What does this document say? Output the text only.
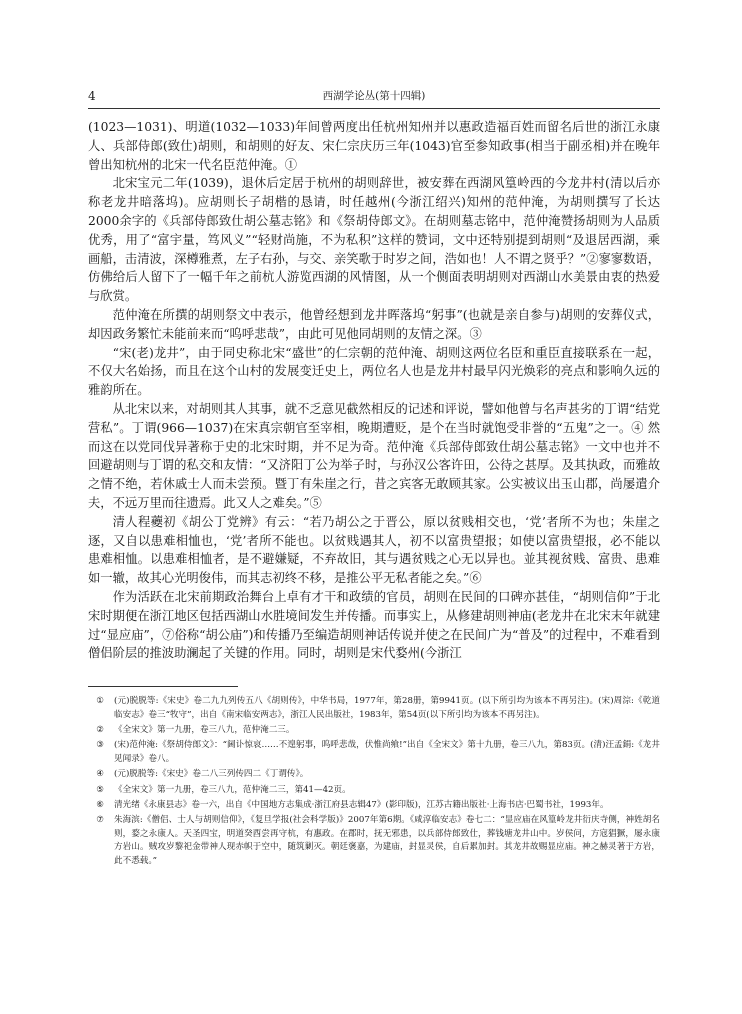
4	西湖学论丛(第十四辑)

(1023—1031)、明道(1032—1033)年间曾两度出任杭州知州并以惠政造福百姓而留名后世的浙江永康人、兵部侍郎(致仕)胡则，和胡则的好友、宋仁宗庆历三年(1043)官至参知政事(相当于副丞相)并在晚年曾出知杭州的北宋一代名臣范仲淹。①

北宋宝元二年(1039)，退休后定居于杭州的胡则辞世，被安葬在西湖风篁岭西的今龙井村(清以后亦称老龙井暗落坞)。应胡则长子胡楷的恳请，时任越州(今浙江绍兴)知州的范仲淹，为胡则撰写了长达2000余字的《兵部侍郎致仕胡公墓志铭》和《祭胡侍郎文》。在胡则墓志铭中，范仲淹赞扬胡则为人品质优秀，用了“富宇量，笃风义”“轻财尚施，不为私积”这样的赞词，文中还特别提到胡则“及退居西湖，乘画船，击清波，深樽雅煮，左子右孙，与交、亲笑歌于时岁之间，浩如也！人不谓之贤乎？”②寥寥数语，仿佛给后人留下了一幅千年之前杭人游览西湖的风情图，从一个侧面表明胡则对西湖山水美景由衷的热爱与欣赏。

范仲淹在所撰的胡则祭文中表示，他曾经想到龙井晖落坞“躬事”(也就是亲自参与)胡则的安葬仪式，却因政务繁忙未能前来而“呜呼悲哉”，由此可见他同胡则的友情之深。③

“宋(老)龙井”，由于同史称北宋“盛世”的仁宗朝的范仲淹、胡则这两位名臣和重臣直接联系在一起，不仅大名始扬，而且在这个山村的发展变迁史上，两位名人也是龙井村最早闪光焕彩的亮点和影响久远的雅韵所在。

从北宋以来，对胡则其人其事，就不乏意见截然相反的记述和评说，譬如他曾与名声甚劣的丁谓“结党营私”。丁谓(966—1037)在宋真宗朝官至宰相，晚期遭贬，是个在当时就饱受非誉的“五鬼”之一。④ 然而这在以党同伐异著称于史的北宋时期，并不足为奇。范仲淹《兵部侍郎致仕胡公墓志铭》一文中也并不回避胡则与丁谓的私交和友情：“又济阳丁公为举子时，与孙汉公客许田，公待之甚厚。及其执政，而雅故之情不绝，若休戚士人而未尝预。暨丁有朱崖之行，昔之宾客无敢顾其家。公实被议出玉山郡，尚屡遣介夫，不远万里而往遗焉。此又人之难矣。”⑤

清人程虁初《胡公丁党辨》有云：“若乃胡公之于晋公，原以贫贱相交也，‘党’者所不为也；朱崖之逐，又自以患难相恤也，‘党’者所不能也。以贫贱遇其人，初不以富贵望报；如使以富贵望报，必不能以患难相恤。以患难相恤者，是不避嫌疑，不弃故旧，其与遇贫贱之心无以异也。並其视贫贱、富贵、患难如一辙，故其心光明俊伟，而其志初终不移，是推公平无私者能之矣。”⑥

作为活跃在北宋前期政治舞台上卓有才干和政绩的官员，胡则在民间的口碑亦甚佳，“胡则信仰”于北宋时期便在浙江地区包括西湖山水胜境间发生并传播。而事实上，从修建胡则神庙(老龙井在北宋末年就建过“显应庙”，⑦俗称“胡公庙”)和传播乃至编造胡则神话传说并使之在民间广为“普及”的过程中，不难看到僧侣阶层的推波助澜起了关键的作用。同时，胡则是宋代婺州(今浙江

①	(元)脱脱等:《宋史》卷二九九列传五八《胡则传》，中华书局，1977年，第28册，第9941页。(以下所引均为该本不再另注)。(宋)周淙:《乾道临安志》卷三“牧守”，出自《南宋临安两志》，浙江人民出版社，1983年，第54页(以下所引均为该本不再另注)。
②	《全宋文》第一九册，卷三八九，范仲淹二三。
③	(宋)范仲淹:《祭胡侍郎文》：“阃讣惊哀……不遑躬事，呜呼悲哉，伏惟尚飨!”出自《全宋文》第十九册，卷三八九，第83页。(清)汪孟鋗:《龙井见闻录》卷八。
④	(元)脱脱等:《宋史》卷二八三列传四二《丁谓传》。
⑤	《全宋文》第一九册，卷三八九，范仲淹二三，第41—42页。
⑥	清光绪《永康县志》卷一六，出自《中国地方志集成·浙江府县志辑47》(影印版)，江苏古籍出版社·上海书店·巴蜀书社，1993年。
⑦	朱海滨:《僧侣、士人与胡则信仰》，《复旦学报(社会科学版)》2007年第6期。《咸淳临安志》卷七二：“显应庙在风篁岭龙井衍庆寺侧，神姓胡名则，婺之永康人。天圣四宝，明道癸酉尝再守杭，有惠政。在郡时，抚无邪患，以兵部侍郎致仕，葬钱塘龙井山中。岁侯问，方寇猖獗，屡永康方岩山。贼攻岁黎祀金带神人现赤帜于空中，随筑剿灭。朝廷褒嘉，为建庙，封显灵侯，自后累加封。其龙井故赐显应庙。神之赫灵著于方岩，此不悉载。”
